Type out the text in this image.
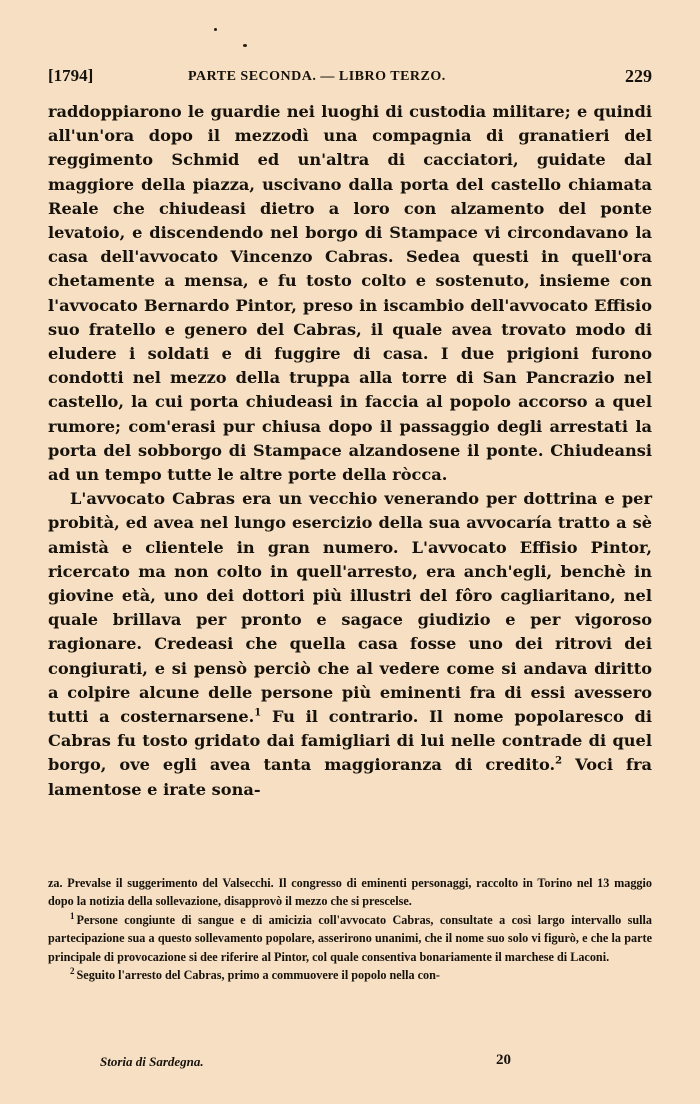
[1794]	PARTE SECONDA. — LIBRO TERZO.	229

raddoppiarono le guardie nei luoghi di custodia militare; e quindi all'un'ora dopo il mezzodì una compagnia di granatieri del reggimento Schmid ed un'altra di cacciatori, guidate dal maggiore della piazza, uscivano dalla porta del castello chiamata Reale che chiudeasi dietro a loro con alzamento del ponte levatoio, e discendendo nel borgo di Stampace vi circondavano la casa dell'avvocato Vincenzo Cabras. Sedea questi in quell'ora chetamente a mensa, e fu tosto colto e sostenuto, insieme con l'avvocato Bernardo Pintor, preso in iscambio dell'avvocato Effisio suo fratello e genero del Cabras, il quale avea trovato modo di eludere i soldati e di fuggire di casa. I due prigioni furono condotti nel mezzo della truppa alla torre di San Pancrazio nel castello, la cui porta chiudeasi in faccia al popolo accorso a quel rumore; com'erasi pur chiusa dopo il passaggio degli arrestati la porta del sobborgo di Stampace alzandosene il ponte. Chiudeansi ad un tempo tutte le altre porte della ròcca.

L'avvocato Cabras era un vecchio venerando per dottrina e per probità, ed avea nel lungo esercizio della sua avvocaría tratto a sè amistà e clientele in gran numero. L'avvocato Effisio Pintor, ricercato ma non colto in quell'arresto, era anch'egli, benchè in giovine età, uno dei dottori più illustri del fôro cagliaritano, nel quale brillava per pronto e sagace giudizio e per vigoroso ragionare. Credeasi che quella casa fosse uno dei ritrovi dei congiurati, e si pensò perciò che al vedere come si andava diritto a colpire alcune delle persone più eminenti fra di essi avessero tutti a costernarsene.$^1$ Fu il contrario. Il nome popolaresco di Cabras fu tosto gridato dai famigliari di lui nelle contrade di quel borgo, ove egli avea tanta maggioranza di credito.$^2$ Voci fra lamentose e irate sona-

za. Prevalse il suggerimento del Valsecchi. Il congresso di eminenti personaggi, raccolto in Torino nel 13 maggio dopo la notizia della sollevazione, disapprovò il mezzo che si prescelse.

$^1$ Persone congiunte di sangue e di amicizia coll'avvocato Cabras, consultate a così largo intervallo sulla partecipazione sua a questo sollevamento popolare, asserirono unanimi, che il nome suo solo vi figurò, e che la parte principale di provocazione si dee riferire al Pintor, col quale consentiva bonariamente il marchese di Laconi.

$^2$ Seguito l'arresto del Cabras, primo a commuovere il popolo nella con-

Storia di Sardegna.	20
